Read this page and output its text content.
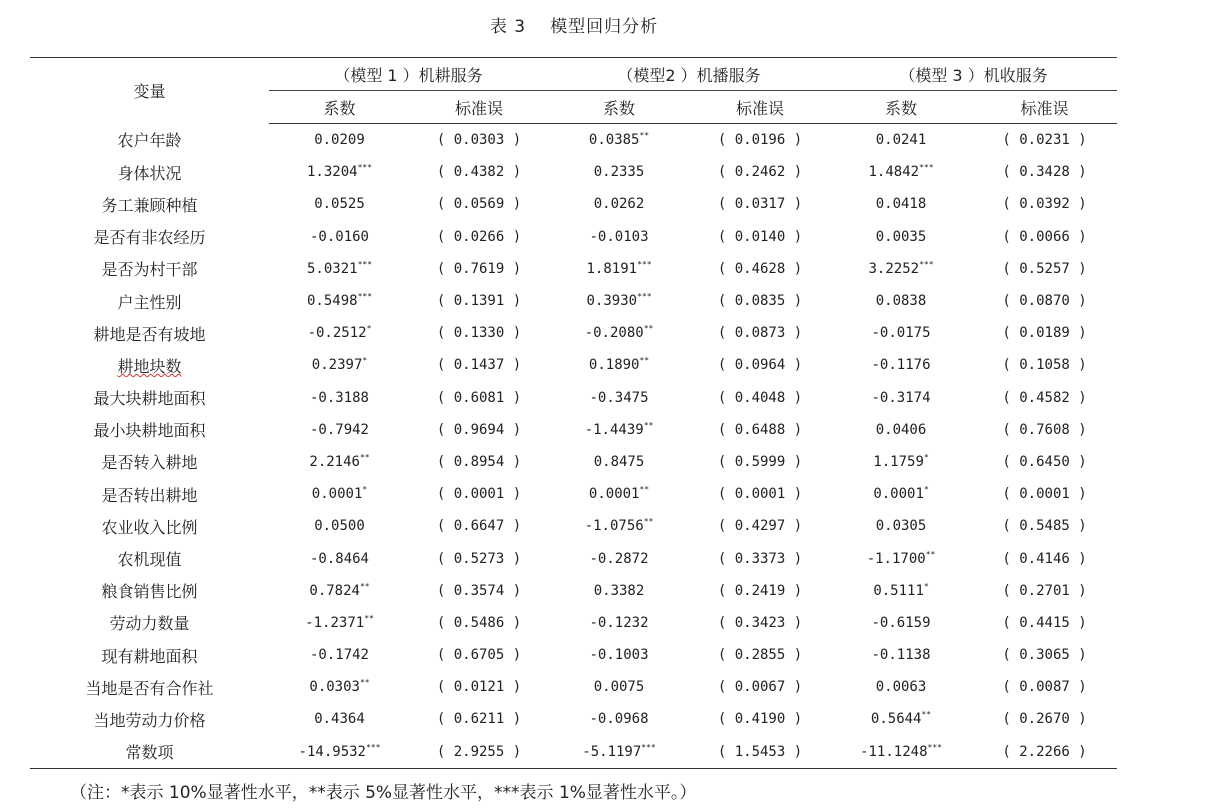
表 3 模型回归分析
变量	（模型 1 ）机耕服务		（模型2 ）机播服务		（模型 3 ）机收服务	
	系数	标准误	系数	标准误	系数	标准误
农户年龄	0.0209	( 0.0303 )	0.0385**	( 0.0196 )	0.0241	( 0.0231 )
身体状况	1.3204***	( 0.4382 )	0.2335	( 0.2462 )	1.4842***	( 0.3428 )
务工兼顾种植	0.0525	( 0.0569 )	0.0262	( 0.0317 )	0.0418	( 0.0392 )
是否有非农经历	-0.0160	( 0.0266 )	-0.0103	( 0.0140 )	0.0035	( 0.0066 )
是否为村干部	5.0321***	( 0.7619 )	1.8191***	( 0.4628 )	3.2252***	( 0.5257 )
户主性别	0.5498***	( 0.1391 )	0.3930***	( 0.0835 )	0.0838	( 0.0870 )
耕地是否有坡地	-0.2512*	( 0.1330 )	-0.2080**	( 0.0873 )	-0.0175	( 0.0189 )
耕地块数	0.2397*	( 0.1437 )	0.1890**	( 0.0964 )	-0.1176	( 0.1058 )
最大块耕地面积	-0.3188	( 0.6081 )	-0.3475	( 0.4048 )	-0.3174	( 0.4582 )
最小块耕地面积	-0.7942	( 0.9694 )	-1.4439**	( 0.6488 )	0.0406	( 0.7608 )
是否转入耕地	2.2146**	( 0.8954 )	0.8475	( 0.5999 )	1.1759*	( 0.6450 )
是否转出耕地	0.0001*	( 0.0001 )	0.0001**	( 0.0001 )	0.0001*	( 0.0001 )
农业收入比例	0.0500	( 0.6647 )	-1.0756**	( 0.4297 )	0.0305	( 0.5485 )
农机现值	-0.8464	( 0.5273 )	-0.2872	( 0.3373 )	-1.1700**	( 0.4146 )
粮食销售比例	0.7824**	( 0.3574 )	0.3382	( 0.2419 )	0.5111*	( 0.2701 )
劳动力数量	-1.2371**	( 0.5486 )	-0.1232	( 0.3423 )	-0.6159	( 0.4415 )
现有耕地面积	-0.1742	( 0.6705 )	-0.1003	( 0.2855 )	-0.1138	( 0.3065 )
当地是否有合作社	0.0303**	( 0.0121 )	0.0075	( 0.0067 )	0.0063	( 0.0087 )
当地劳动力价格	0.4364	( 0.6211 )	-0.0968	( 0.4190 )	0.5644**	( 0.2670 )
常数项	-14.9532***	( 2.9255 )	-5.1197***	( 1.5453 )	-11.1248***	( 2.2266 )
（注：*表示 10%显著性水平，**表示 5%显著性水平，***表示 1%显著性水平。）
